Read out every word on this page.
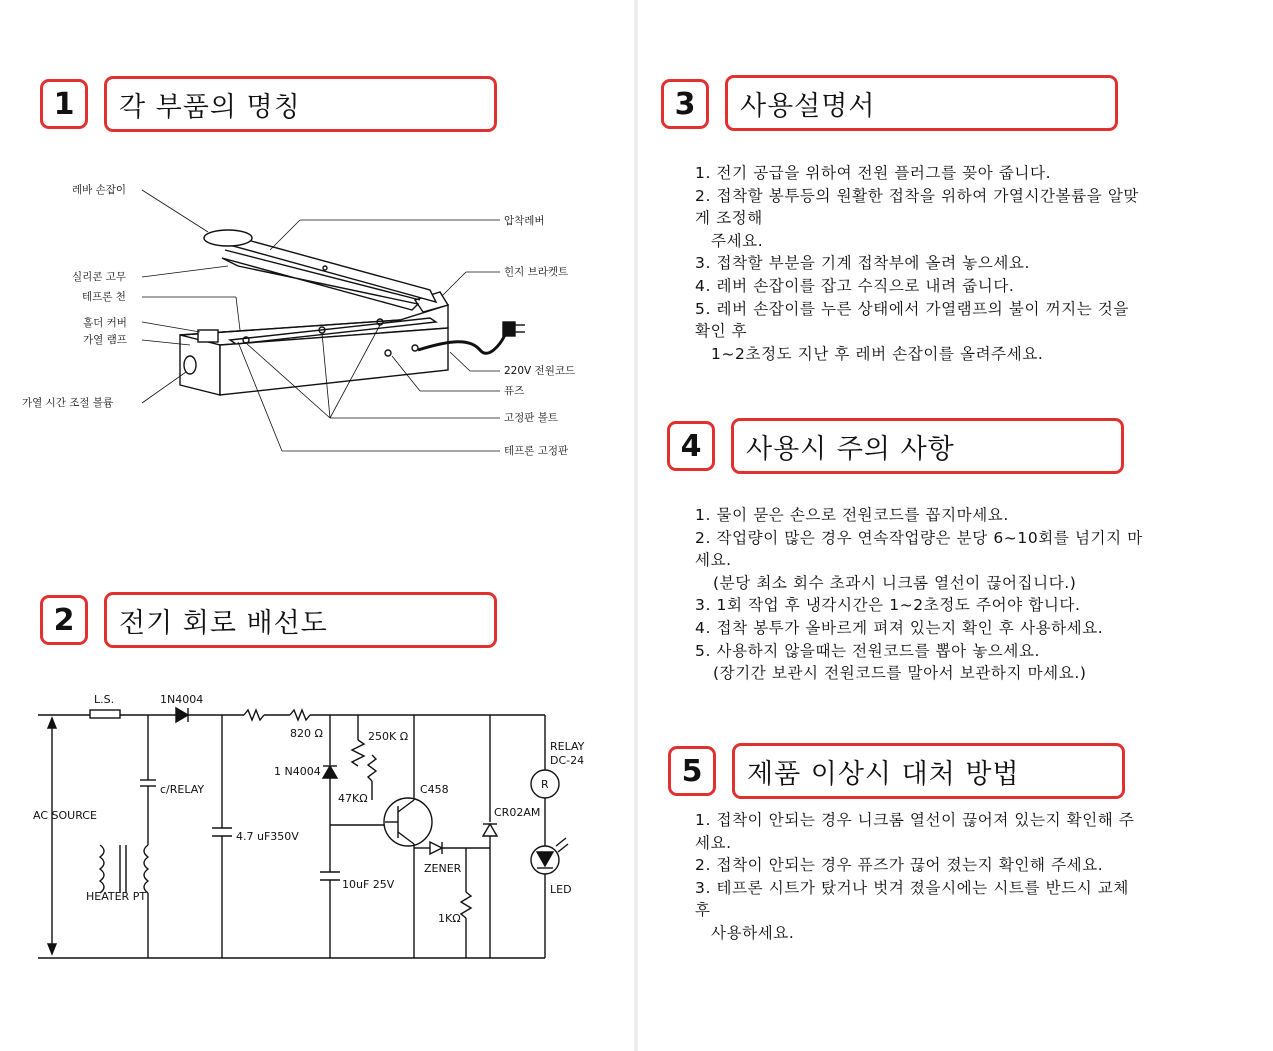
1	각 부품의 명칭
레바 손잡이
압착레버
실리콘 고무
테프론 천
홀더 커버
가열 램프
힌지 브라켓트
220V 전원코드
퓨즈
가열 시간 조절 볼륨
고정판 볼트
테프론 고정판
2	전기 회로 배선도
L.S.	1N4004
820 Ω	250K Ω
1 N4004
47KΩ
C458
c/RELAY
AC SOURCE
HEATER PT
4.7 uF350V
10uF 25V
ZENER
1KΩ
CR02AM
RELAY
DC-24
R
LED
3	사용설명서
1. 전기 공급을 위하여 전원 플러그를 꽂아 줍니다.
2. 접착할 봉투등의 원활한 접착을 위하여 가열시간볼륨을 알맞
게 조정해
주세요.
3. 접착할 부분을 기계 접착부에 올려 놓으세요.
4. 레버 손잡이를 잡고 수직으로 내려 줍니다.
5. 레버 손잡이를 누른 상태에서 가열램프의 불이 꺼지는 것을
확인 후
1~2초정도 지난 후 레버 손잡이를 올려주세요.
4	사용시 주의 사항
1. 물이 묻은 손으로 전원코드를 꼽지마세요.
2. 작업량이 많은 경우 연속작업량은 분당 6~10회를 넘기지 마
세요.
(분당 최소 회수 초과시 니크롬 열선이 끊어집니다.)
3. 1회 작업 후 냉각시간은 1~2초정도 주어야 합니다.
4. 접착 봉투가 올바르게 펴져 있는지 확인 후 사용하세요.
5. 사용하지 않을때는 전원코드를 뽑아 놓으세요.
(장기간 보관시 전원코드를 말아서 보관하지 마세요.)
5	제품 이상시 대처 방법
1. 접착이 안되는 경우 니크롬 열선이 끊어져 있는지 확인해 주
세요.
2. 접착이 안되는 경우 퓨즈가 끊어 졌는지 확인해 주세요.
3. 테프론 시트가 탔거나 벗겨 졌을시에는 시트를 반드시 교체
후
사용하세요.
